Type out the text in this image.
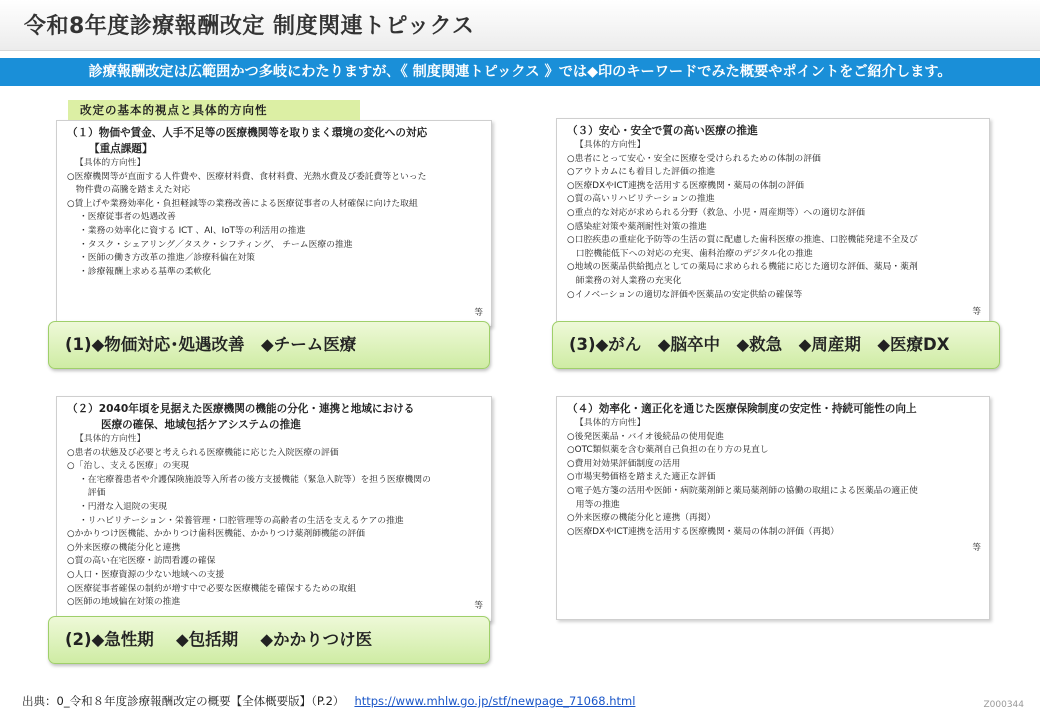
令和8年度診療報酬改定 制度関連トピックス
診療報酬改定は広範囲かつ多岐にわたりますが､《 制度関連トピックス 》では◆印のキーワードでみた概要やポイントをご紹介します。
（１）物価や賃金、人手不足等の医療機関等を取りまく環境の変化への対応
【重点課題】
【具体的方向性】
○医療機関等が直面する人件費や、医療材料費、食材料費、光熱水費及び委託費等といった
　物件費の高騰を踏まえた対応
○賃上げや業務効率化・負担軽減等の業務改善による医療従事者の人材確保に向けた取組
・医療従事者の処遇改善
・業務の効率化に資する ICT 、AI、IoT等の利活用の推進
・タスク・シェアリング／タスク・シフティング、 チーム医療の推進
・医師の働き方改革の推進／診療科偏在対策
・診療報酬上求める基準の柔軟化
等
改定の基本的視点と具体的方向性
(1)◆物価対応･処遇改善　◆チーム医療
（３）安心・安全で質の高い医療の推進
【具体的方向性】
○患者にとって安心・安全に医療を受けられるための体制の評価
○アウトカムにも着目した評価の推進
○医療DXやICT連携を活用する医療機関・薬局の体制の評価
○質の高いリハビリテーションの推進
○重点的な対応が求められる分野（救急、小児・周産期等）への適切な評価
○感染症対策や薬剤耐性対策の推進
○口腔疾患の重症化予防等の生活の質に配慮した歯科医療の推進、口腔機能発達不全及び
　口腔機能低下への対応の充実、歯科治療のデジタル化の推進
○地域の医薬品供給拠点としての薬局に求められる機能に応じた適切な評価、薬局・薬剤
　師業務の対人業務の充実化
○イノベーションの適切な評価や医薬品の安定供給の確保等
等
(3)◆がん　◆脳卒中　◆救急　◆周産期　◆医療DX
（２）2040年頃を見据えた医療機関の機能の分化・連携と地域における
医療の確保、地域包括ケアシステムの推進
【具体的方向性】
○患者の状態及び必要と考えられる医療機能に応じた入院医療の評価
○「治し、支える医療」の実現
・在宅療養患者や介護保険施設等入所者の後方支援機能（緊急入院等）を担う医療機関の
　評価
・円滑な入退院の実現
・リハビリテーション・栄養管理・口腔管理等の高齢者の生活を支えるケアの推進
○かかりつけ医機能、かかりつけ歯科医機能、かかりつけ薬剤師機能の評価
○外来医療の機能分化と連携
○質の高い在宅医療・訪問看護の確保
○人口・医療資源の少ない地域への支援
○医療従事者確保の制約が増す中で必要な医療機能を確保するための取組
○医師の地域偏在対策の推進	等
(2)◆急性期　 ◆包括期　 ◆かかりつけ医
（４）効率化・適正化を通じた医療保険制度の安定性・持続可能性の向上
【具体的方向性】
○後発医薬品・バイオ後続品の使用促進
○OTC類似薬を含む薬剤自己負担の在り方の見直し
○費用対効果評価制度の活用
○市場実勢価格を踏まえた適正な評価
○電子処方箋の活用や医師・病院薬剤師と薬局薬剤師の協働の取組による医薬品の適正使
　用等の推進
○外来医療の機能分化と連携（再掲）
○医療DXやICT連携を活用する医療機関・薬局の体制の評価（再掲）
等
出典：0_令和８年度診療報酬改定の概要【全体概要版】（P.2） https://www.mhlw.go.jp/stf/newpage_71068.html	Z000344
